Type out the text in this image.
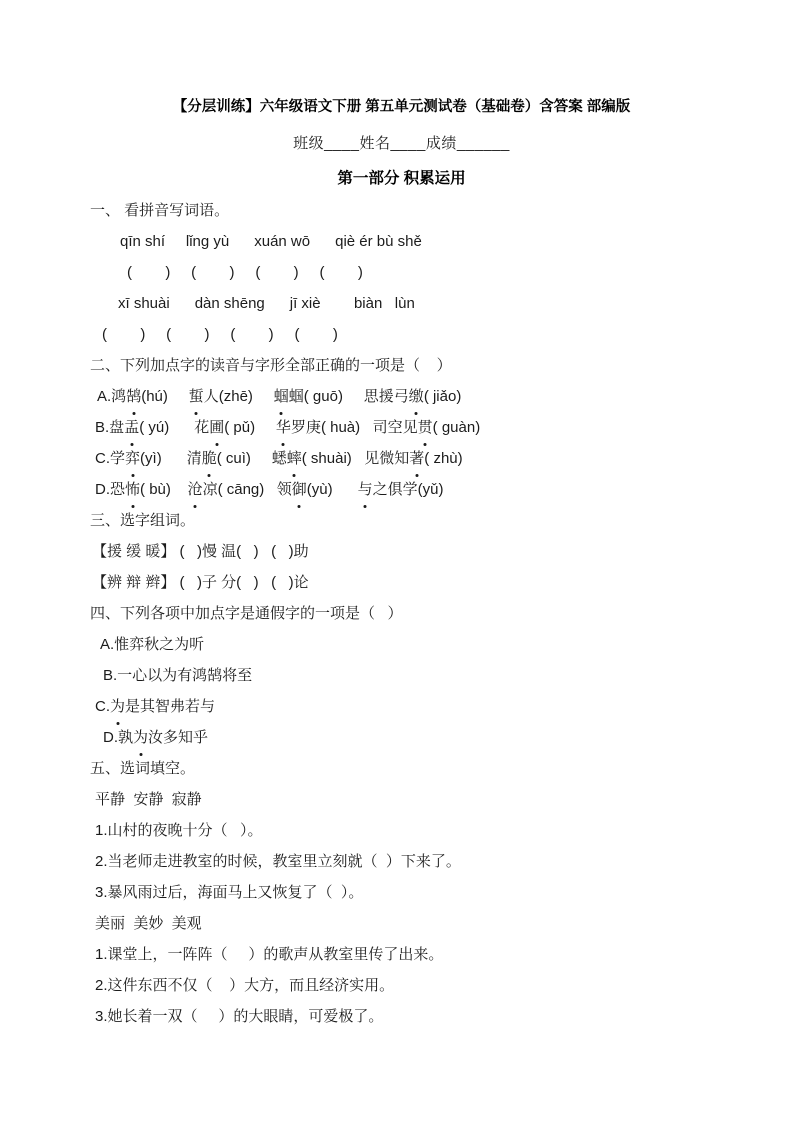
【分层训练】六年级语文下册 第五单元测试卷（基础卷）含答案 部编版
班级____姓名____成绩______
第一部分 积累运用
一、 看拼音写词语。
qīn shí     lǐng yù      xuán wō      qiè ér bù shě
(        )     (        )     (        )     (        )
xī shuài      dàn shēng      jī xiè        biàn   lùn
(        )     (        )     (        )     (        )
二、下列加点字的读音与字形全部正确的一项是（    ）
A.鸿鹄(hú)     蜇人(zhē)     蝈蝈( guō)     思援弓缴( jiǎo)
B.盘盂( yú)      花圃( pǔ)     华罗庚( huà)   司空见贯( guàn)
C.学弈(yì)      清脆( cuì)     蟋蟀( shuài)   见微知著( zhù)
D.恐怖( bù)    沧凉( cāng)   领御(yù)      与之俱学(yǔ)
三、选字组词。
【援 缓 暖】 (   )慢 温(   )   (   )助
【辨 辩 辫】 (   )子 分(   )   (   )论
四、下列各项中加点字是通假字的一项是（   ）
A.惟弈秋之为听
B.一心以为有鸿鹄将至
C.为是其智弗若与
D.孰为汝多知乎
五、选词填空。
平静  安静  寂静
1.山村的夜晚十分（   ）。
2.当老师走进教室的时候，教室里立刻就（  ）下来了。
3.暴风雨过后，海面马上又恢复了（  ）。
美丽  美妙  美观
1.课堂上，一阵阵（     ）的歌声从教室里传了出来。
2.这件东西不仅（    ）大方，而且经济实用。
3.她长着一双（     ）的大眼睛，可爱极了。
